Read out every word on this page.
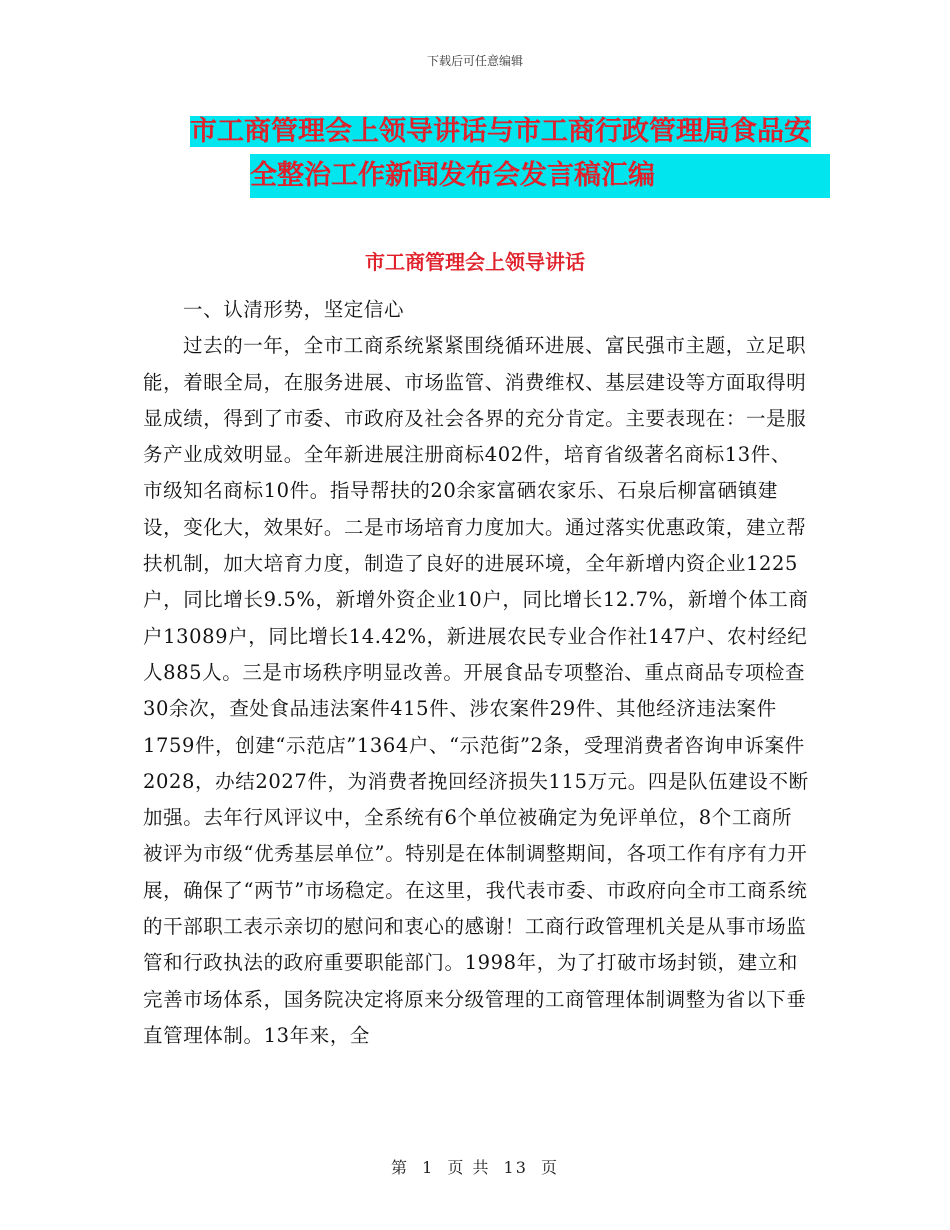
下载后可任意编辑
市工商管理会上领导讲话与市工商行政管理局食品安

全整治工作新闻发布会发言稿汇编
市工商管理会上领导讲话

一、认清形势，坚定信心

过去的一年，全市工商系统紧紧围绕循环进展、富民强市主题，立足职能，着眼全局，在服务进展、市场监管、消费维权、基层建设等方面取得明显成绩，得到了市委、市政府及社会各界的充分肯定。主要表现在：一是服务产业成效明显。全年新进展注册商标402件，培育省级著名商标13件、市级知名商标10件。指导帮扶的20余家富硒农家乐、石泉后柳富硒镇建设，变化大，效果好。二是市场培育力度加大。通过落实优惠政策，建立帮扶机制，加大培育力度，制造了良好的进展环境，全年新增内资企业1225户，同比增长9.5%，新增外资企业10户，同比增长12.7%，新增个体工商户13089户，同比增长14.42%，新进展农民专业合作社147户、农村经纪人885人。三是市场秩序明显改善。开展食品专项整治、重点商品专项检查30余次，查处食品违法案件415件、涉农案件29件、其他经济违法案件1759件，创建“示范店”1364户、“示范街”2条，受理消费者咨询申诉案件2028，办结2027件，为消费者挽回经济损失115万元。四是队伍建设不断加强。去年行风评议中，全系统有6个单位被确定为免评单位，8个工商所被评为市级“优秀基层单位”。特别是在体制调整期间，各项工作有序有力开展，确保了“两节”市场稳定。在这里，我代表市委、市政府向全市工商系统的干部职工表示亲切的慰问和衷心的感谢！工商行政管理机关是从事市场监管和行政执法的政府重要职能部门。1998年，为了打破市场封锁，建立和完善市场体系，国务院决定将原来分级管理的工商管理体制调整为省以下垂直管理体制。13年来，全

第 1 页 共 13 页
